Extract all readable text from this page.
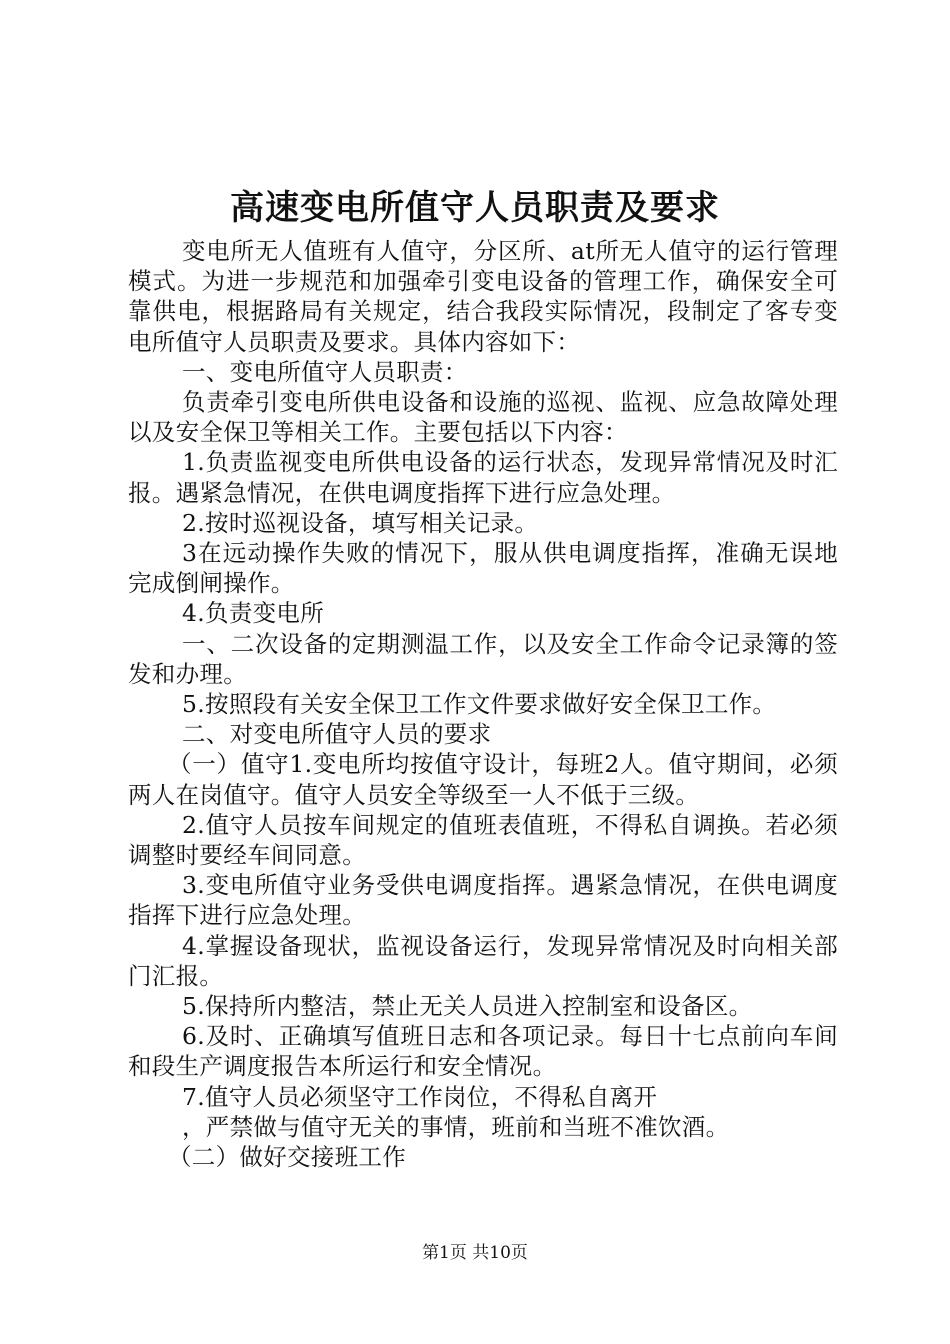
高速变电所值守人员职责及要求

变电所无人值班有人值守，分区所、at所无人值守的运行管理模式。为进一步规范和加强牵引变电设备的管理工作，确保安全可靠供电，根据路局有关规定，结合我段实际情况，段制定了客专变电所值守人员职责及要求。具体内容如下：

一、变电所值守人员职责：

负责牵引变电所供电设备和设施的巡视、监视、应急故障处理以及安全保卫等相关工作。主要包括以下内容：

1.负责监视变电所供电设备的运行状态，发现异常情况及时汇报。遇紧急情况，在供电调度指挥下进行应急处理。

2.按时巡视设备，填写相关记录。

3在远动操作失败的情况下，服从供电调度指挥，准确无误地完成倒闸操作。

4.负责变电所

一、二次设备的定期测温工作，以及安全工作命令记录簿的签发和办理。

5.按照段有关安全保卫工作文件要求做好安全保卫工作。

二、对变电所值守人员的要求

（一）值守1.变电所均按值守设计，每班2人。值守期间，必须两人在岗值守。值守人员安全等级至一人不低于三级。

2.值守人员按车间规定的值班表值班，不得私自调换。若必须调整时要经车间同意。

3.变电所值守业务受供电调度指挥。遇紧急情况，在供电调度指挥下进行应急处理。

4.掌握设备现状，监视设备运行，发现异常情况及时向相关部门汇报。

5.保持所内整洁，禁止无关人员进入控制室和设备区。

6.及时、正确填写值班日志和各项记录。每日十七点前向车间和段生产调度报告本所运行和安全情况。

7.值守人员必须坚守工作岗位，不得私自离开

，严禁做与值守无关的事情，班前和当班不准饮酒。

（二）做好交接班工作

第1页 共10页
